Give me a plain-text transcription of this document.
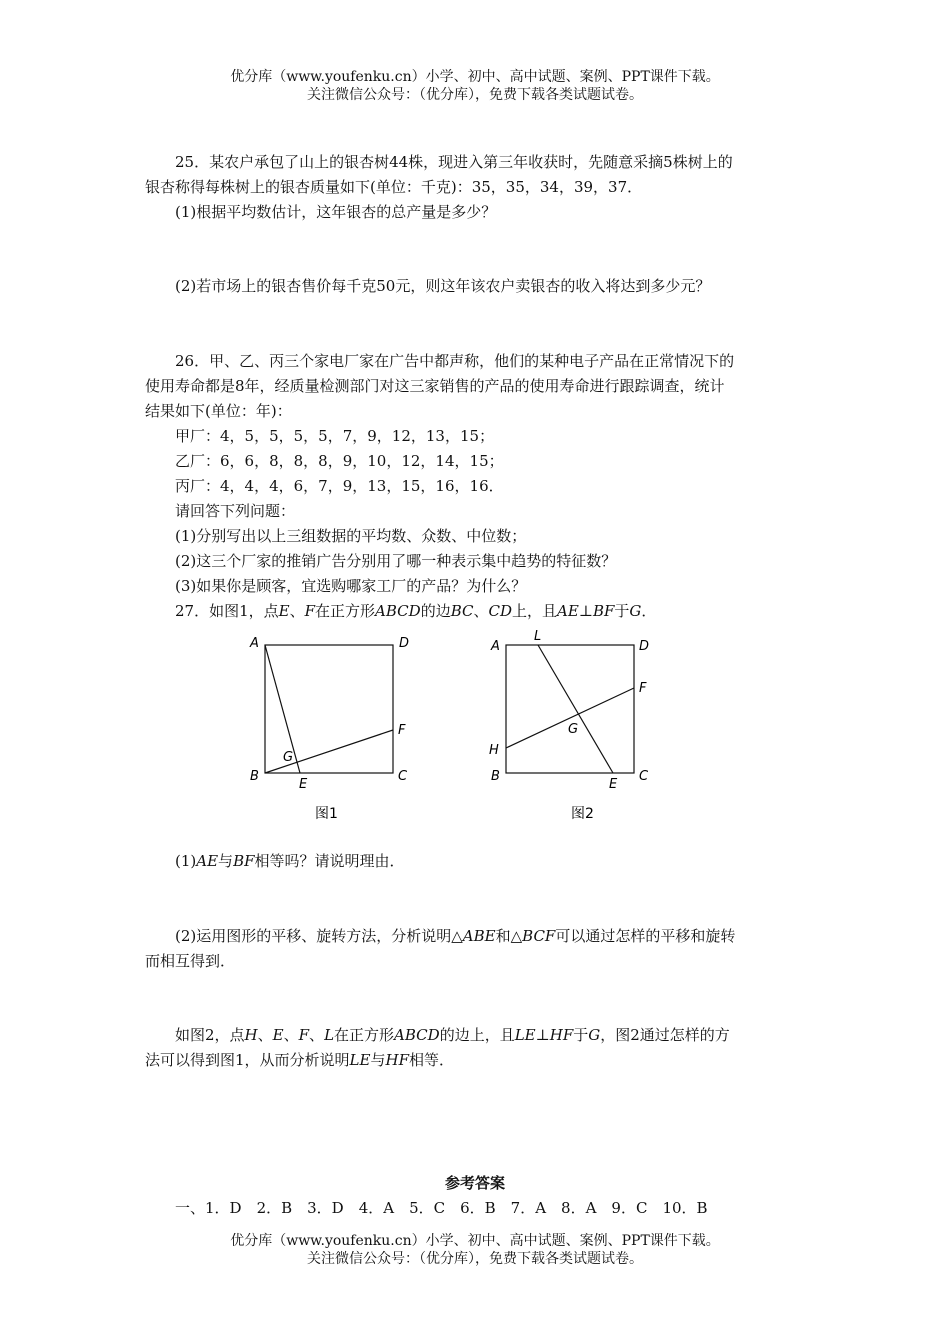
优分库（www.youfenku.cn）小学、初中、高中试题、案例、PPT课件下载。
关注微信公众号：（优分库），免费下载各类试题试卷。
25．某农户承包了山上的银杏树44株，现进入第三年收获时，先随意采摘5株树上的
银杏称得每株树上的银杏质量如下(单位：千克)：35，35，34，39，37．
(1)根据平均数估计，这年银杏的总产量是多少？
(2)若市场上的银杏售价每千克50元，则这年该农户卖银杏的收入将达到多少元？
26．甲、乙、丙三个家电厂家在广告中都声称，他们的某种电子产品在正常情况下的
使用寿命都是8年，经质量检测部门对这三家销售的产品的使用寿命进行跟踪调查，统计
结果如下(单位：年)：
甲厂：4，5，5，5，5，7，9，12，13，15；
乙厂：6，6，8，8，8，9，10，12，14，15；
丙厂：4，4，4，6，7，9，13，15，16，16．
请回答下列问题：
(1)分别写出以上三组数据的平均数、众数、中位数；
(2)这三个厂家的推销广告分别用了哪一种表示集中趋势的特征数？
(3)如果你是顾客，宜选购哪家工厂的产品？为什么？
27．如图1，点E、F在正方形ABCD的边BC、CD上，且AE⊥BF于G．
A	D
B	C
E
F
G
图1
A	D
B	C
E
F
G
H
L
图2
(1)AE与BF相等吗？请说明理由．
(2)运用图形的平移、旋转方法，分析说明△ABE和△BCF可以通过怎样的平移和旋转
而相互得到．
如图2，点H、E、F、L在正方形ABCD的边上，且LE⊥HF于G，图2通过怎样的方
法可以得到图1，从而分析说明LE与HF相等．
参考答案
一、1．D　2．B　3．D　4．A　5．C　6．B　7．A　8．A　9．C　10．B
优分库（www.youfenku.cn）小学、初中、高中试题、案例、PPT课件下载。
关注微信公众号：（优分库），免费下载各类试题试卷。
